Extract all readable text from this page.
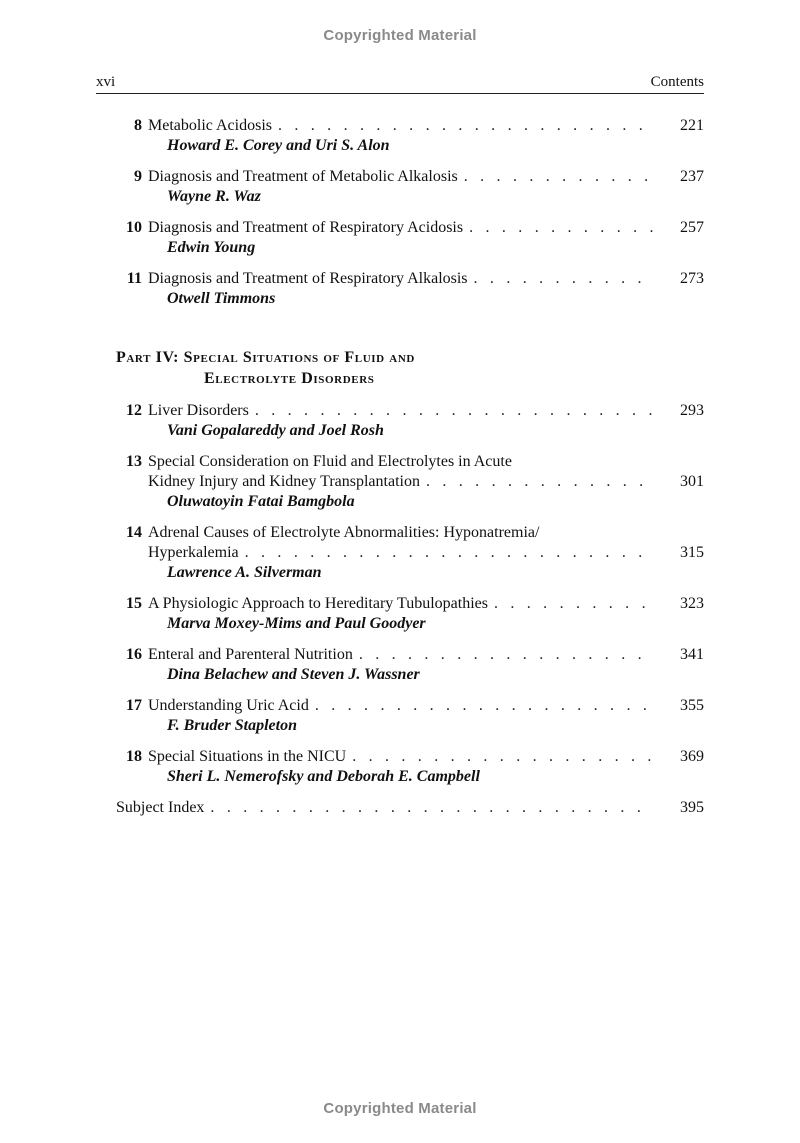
Copyrighted Material
xvi	Contents
8 Metabolic Acidosis . . .	221
Howard E. Corey and Uri S. Alon
9 Diagnosis and Treatment of Metabolic Alkalosis . . .	237
Wayne R. Waz
10 Diagnosis and Treatment of Respiratory Acidosis . . .	257
Edwin Young
11 Diagnosis and Treatment of Respiratory Alkalosis . . .	273
Otwell Timmons
Part IV: Special Situations of Fluid and
Electrolyte Disorders
12 Liver Disorders . . .	293
Vani Gopalareddy and Joel Rosh
13 Special Consideration on Fluid and Electrolytes in Acute
Kidney Injury and Kidney Transplantation . . .	301
Oluwatoyin Fatai Bamgbola
14 Adrenal Causes of Electrolyte Abnormalities: Hyponatremia/
Hyperkalemia . . .	315
Lawrence A. Silverman
15 A Physiologic Approach to Hereditary Tubulopathies . . .	323
Marva Moxey-Mims and Paul Goodyer
16 Enteral and Parenteral Nutrition . . .	341
Dina Belachew and Steven J. Wassner
17 Understanding Uric Acid . . .	355
F. Bruder Stapleton
18 Special Situations in the NICU . . .	369
Sheri L. Nemerofsky and Deborah E. Campbell
Subject Index . . .	395
Copyrighted Material
